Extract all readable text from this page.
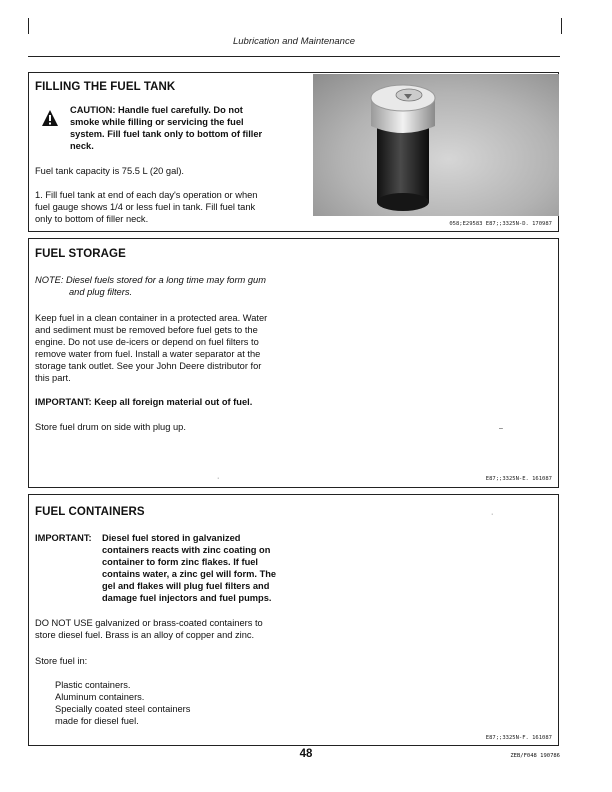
Lubrication and Maintenance
FILLING THE FUEL TANK
CAUTION: Handle fuel carefully. Do not
smoke while filling or servicing the fuel
system. Fill fuel tank only to bottom of filler
neck.
Fuel tank capacity is 75.5 L (20 gal).
1. Fill fuel tank at end of each day's operation or when
fuel gauge shows 1/4 or less fuel in tank. Fill fuel tank
only to bottom of filler neck.	058;E29583 E87;;3325N-D. 170987
FUEL STORAGE
NOTE: Diesel fuels stored for a long time may form gum
and plug filters.
Keep fuel in a clean container in a protected area. Water
and sediment must be removed before fuel gets to the
engine. Do not use de-icers or depend on fuel filters to
remove water from fuel. Install a water separator at the
storage tank outlet. See your John Deere distributor for
this part.
IMPORTANT: Keep all foreign material out of fuel.
Store fuel drum on side with plug up.	‒
·	E87;;3325N-E. 161087
FUEL CONTAINERS
IMPORTANT: Diesel fuel stored in galvanized
containers reacts with zinc coating on
container to form zinc flakes. If fuel
contains water, a zinc gel will form. The
gel and flakes will plug fuel filters and
damage fuel injectors and fuel pumps.
DO NOT USE galvanized or brass-coated containers to
store diesel fuel. Brass is an alloy of copper and zinc.
Store fuel in:
Plastic containers.
Aluminum containers.
Specially coated steel containers
made for diesel fuel.
·
E87;;3325N-F. 161087
48	ZEB/F048 190786
